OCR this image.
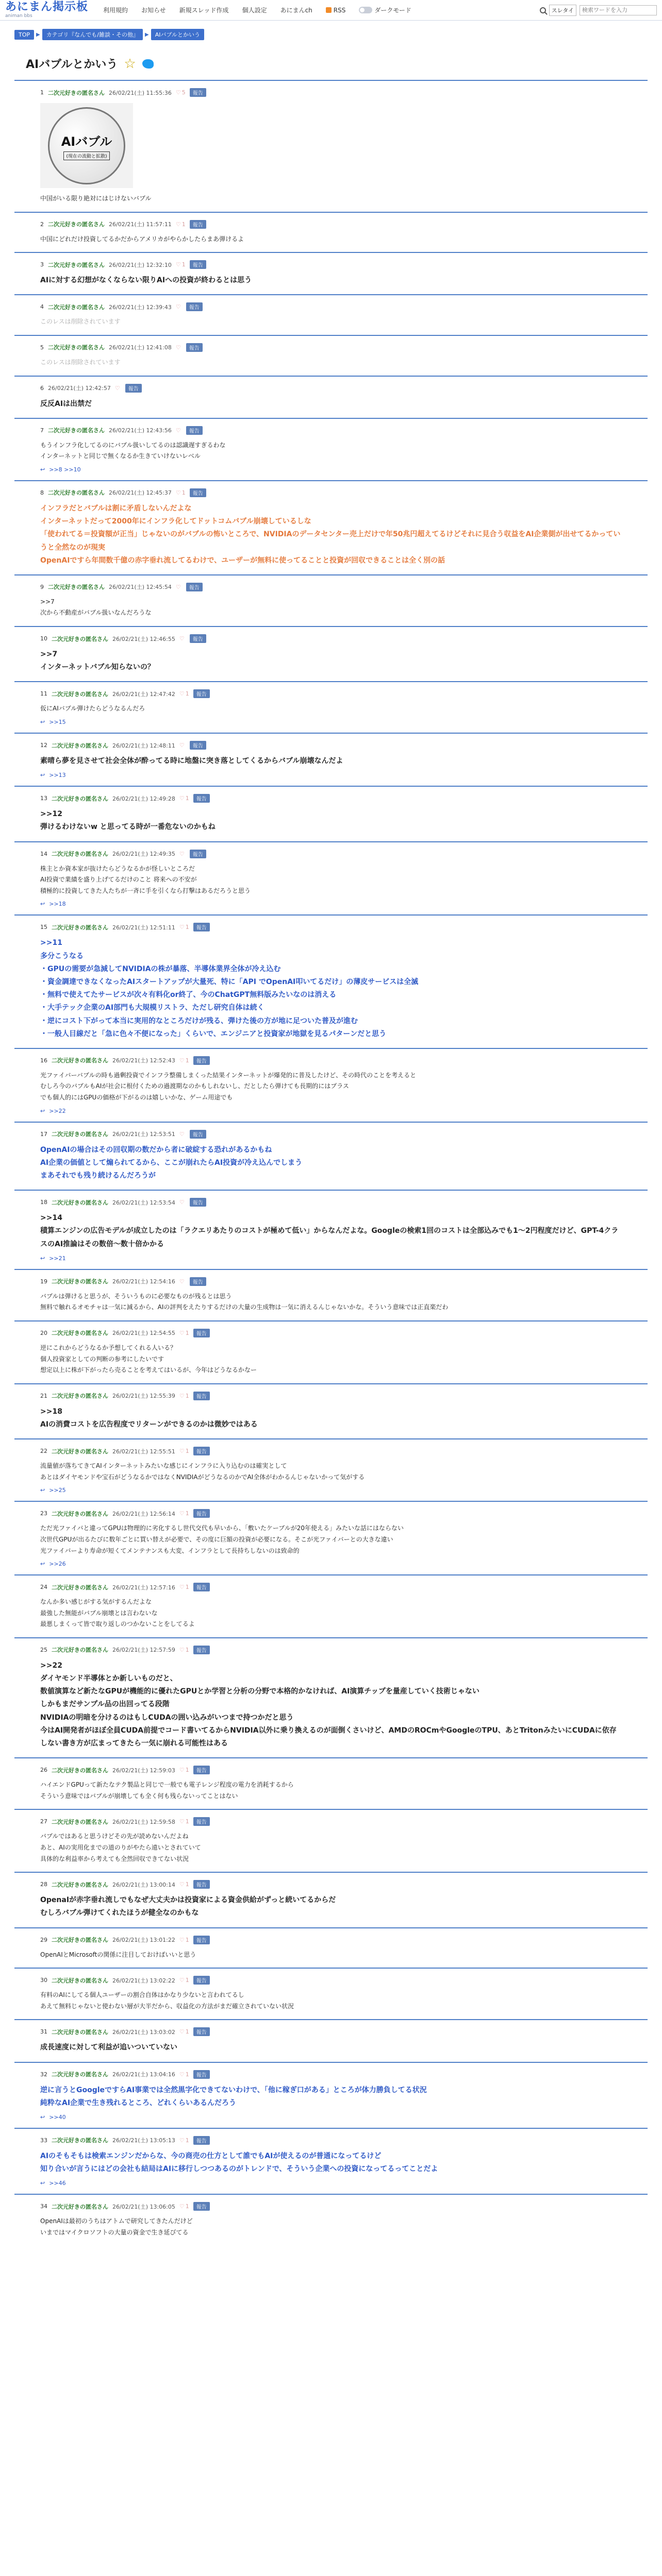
あにまん掲示板
animan bbs
利用規約	お知らせ	新規スレッド作成	個人設定	あにまんch	RSS	ダークモード	スレタイ
検索ワードを入力
TOP	▶	カテゴリ『なんでも/雑談・その他』	▶	AIバブルとかいう
AIバブルとかいう ☆
1 二次元好きの匿名さん 26/02/21(土) 11:55:36 ♡ 5	報告
AIバブル
(現在の流動と拡散)
中国がいる限り絶対にはじけないバブル
2 二次元好きの匿名さん 26/02/21(土) 11:57:11 ♡ 1	報告
中国にどれだけ投資してるかだからアメリカがやらかしたらまあ弾けるよ
3 二次元好きの匿名さん 26/02/21(土) 12:32:10 ♡ 1	報告
AIに対する幻想がなくならない限りAIへの投資が終わるとは思う
4 二次元好きの匿名さん 26/02/21(土) 12:39:43 ♡	報告
このレスは削除されています
5 二次元好きの匿名さん 26/02/21(土) 12:41:08 ♡	報告
このレスは削除されています
6 26/02/21(土) 12:42:57 ♡	報告
反反AIは出禁だ
7 二次元好きの匿名さん 26/02/21(土) 12:43:56 ♡	報告
もうインフラ化してるのにバブル扱いしてるのは認識遅すぎるわな
インターネットと同じで無くなるか生きていけないレベル
↩ >>8 >>10
8 二次元好きの匿名さん 26/02/21(土) 12:45:37 ♡ 1	報告
インフラだとバブルは割に矛盾しないんだよな
インターネットだって2000年にインフラ化してドットコムバブル崩壊しているしな
「使われてる＝投資額が正当」じゃないのがバブルの怖いところで、NVIDIAのデータセンター売上だけで年50兆円超えてるけどそれに見合う収益をAI企業側が出せてるかっていうと全然なのが現実
OpenAIですら年間数千億の赤字垂れ流してるわけで、ユーザーが無料に使ってることと投資が回収できることは全く別の話
9 二次元好きの匿名さん 26/02/21(土) 12:45:54 ♡	報告
>>7
次から不動産がバブル扱いなんだろうな
10 二次元好きの匿名さん 26/02/21(土) 12:46:55 ♡	報告
>>7
インターネットバブル知らないの？
11 二次元好きの匿名さん 26/02/21(土) 12:47:42 ♡ 1	報告
仮にAIバブル弾けたらどうなるんだろ
↩ >>15
12 二次元好きの匿名さん 26/02/21(土) 12:48:11 ♡	報告
素晴ら夢を見させて社会全体が酔ってる時に地盤に突き落としてくるからバブル崩壊なんだよ
↩ >>13
13 二次元好きの匿名さん 26/02/21(土) 12:49:28 ♡ 1	報告
>>12
弾けるわけないw と思ってる時が一番危ないのかもね
14 二次元好きの匿名さん 26/02/21(土) 12:49:35 ♡	報告
株主とか資本家が抜けたらどうなるかが怪しいところだ
AI投資で業績を盛り上げてるだけのこと 将来への不安が
積極的に投資してきた人たちが一斉に手を引くなら打撃はあるだろうと思う
↩ >>18
15 二次元好きの匿名さん 26/02/21(土) 12:51:11 ♡ 1	報告
>>11
多分こうなる
・GPUの需要が急減してNVIDIAの株が暴落、半導体業界全体が冷え込む
・資金調達できなくなったAIスタートアップが大量死、特に「API でOpenAI叩いてるだけ」の薄皮サービスは全滅
・無料で使えてたサービスが次々有料化or終了、今のChatGPT無料版みたいなのは消える
・大手テック企業のAI部門も大規模リストラ、ただし研究自体は続く
・逆にコスト下がって本当に実用的なところだけが残る、弾けた後の方が地に足ついた普及が進む
・一般人目線だと「急に色々不便になった」くらいで、エンジニアと投資家が地獄を見るパターンだと思う
16 二次元好きの匿名さん 26/02/21(土) 12:52:43 ♡ 1	報告
光ファイバーバブルの時も過剰投資でインフラ整備しまくった結果インターネットが爆発的に普及したけど、その時代のことを考えると
むしろ今のバブルもAIが社会に根付くための過渡期なのかもしれないし、だとしたら弾けても長期的にはプラス
でも個人的にはGPUの価格が下がるのは嬉しいかな、ゲーム用途でも
↩ >>22
17 二次元好きの匿名さん 26/02/21(土) 12:53:51 ♡	報告
OpenAIの場合はその回収期の数だから者に破綻する恐れがあるかもね
AI企業の価値として煽られてるから、ここが崩れたらAI投資が冷え込んでしまう
まあそれでも残り続けるんだろうが
18 二次元好きの匿名さん 26/02/21(土) 12:53:54 ♡	報告
>>14
積算エンジンの広告モデルが成立したのは「ラクエリあたりのコストが極めて低い」からなんだよな。Googleの検索1回のコストは全部込みでも1〜2円程度だけど、GPT-4クラスのAI推論はその数倍〜数十倍かかる
↩ >>21
19 二次元好きの匿名さん 26/02/21(土) 12:54:16 ♡	報告
バブルは弾けると思うが、そういうものに必要なものが残るとは思う
無料で触れるオモチャは一気に減るから、AIの評判をえたりするだけの大量の生成物は一気に消えるんじゃないかな。そういう意味では正直楽だわ
20 二次元好きの匿名さん 26/02/21(土) 12:54:55 ♡ 1	報告
逆にこれからどうなるか予想してくれる人いる？
個人投資家としての判断の参考にしたいです
想定以上に株が下がったら売ることを考えてはいるが、今年はどうなるかなー
21 二次元好きの匿名さん 26/02/21(土) 12:55:39 ♡ 1	報告
>>18
AIの消費コストを広告程度でリターンができるのかは微妙ではある
22 二次元好きの匿名さん 26/02/21(土) 12:55:51 ♡ 1	報告
流量値が落ちてきてAIインターネットみたいな感じにインフラに入り込むのは確実として
あとはダイヤモンドや宝石がどうなるかではなくNVIDIAがどうなるのかでAI全体がわかるんじゃないかって気がする
↩ >>25
23 二次元好きの匿名さん 26/02/21(土) 12:56:14 ♡ 1	報告
ただ光ファイバと違ってGPUは物理的に劣化するし世代交代も早いから、「敷いたケーブルが20年使える」みたいな話にはならない
次世代GPUが出るたびに数年ごとに買い替えが必要で、その度に巨額の投資が必要になる。そこが光ファイバーとの大きな違い
光ファイバーより寿命が短くてメンテナンスも大変、インフラとして長持ちしないのは致命的
↩ >>26
24 二次元好きの匿名さん 26/02/21(土) 12:57:16 ♡ 1	報告
なんか多い感じがする気がするんだよな
最強した無能がバブル崩壊とは言わないな
最悪しまくって皆で取り返しのつかないことをしてるよ
25 二次元好きの匿名さん 26/02/21(土) 12:57:59 ♡ 1	報告
>>22
ダイヤモンド半導体とか新しいものだと、
数値演算など新たなGPUが機能的に優れたGPUとか学習と分析の分野で本格的かなければ、AI演算チップを量産していく技術じゃない
しかもまだサンプル品の出回ってる段階
NVIDIAの明暗を分けるのはもしCUDAの囲い込みがいつまで持つかだと思う
今はAI開発者がほぼ全員CUDA前提でコード書いてるからNVIDIA以外に乗り換えるのが面倒くさいけど、AMDのROCmやGoogleのTPU、あとTritonみたいにCUDAに依存しない書き方が広まってきたら一気に崩れる可能性はある
26 二次元好きの匿名さん 26/02/21(土) 12:59:03 ♡ 1	報告
ハイエンドGPUって新たなテク製品と同じで一般でも電子レンジ程度の電力を消耗するから
そういう意味ではバブルが崩壊しても全く何も残らないってことはない
27 二次元好きの匿名さん 26/02/21(土) 12:59:58 ♡ 1	報告
バブルではあると思うけどその先が読めないんだよね
あと、AIの実用化までの道のりがやたら遠いとされていて
具体的な利益率から考えても全然回収できてない状況
28 二次元好きの匿名さん 26/02/21(土) 13:00:14 ♡ 1	報告
OpenaIが赤字垂れ流しでもなぜ大丈夫かは投資家による資金供給がずっと続いてるからだ
むしろバブル弾けてくれたほうが健全なのかもな
29 二次元好きの匿名さん 26/02/21(土) 13:01:22 ♡ 1	報告
OpenAIとMicrosoftの関係に注目しておけばいいと思う
30 二次元好きの匿名さん 26/02/21(土) 13:02:22 ♡ 1	報告
有料のAIにしてる個人ユーザーの割合自体はかなり少ないと言われてるし
あえて無料じゃないと使わない層が大半だから、収益化の方法がまだ確立されていない状況
31 二次元好きの匿名さん 26/02/21(土) 13:03:02 ♡ 1	報告
成長速度に対して利益が追いついていない
32 二次元好きの匿名さん 26/02/21(土) 13:04:16 ♡ 1	報告
逆に言うとGoogleですらAI事業では全然黒字化できてないわけで、「他に稼ぎ口がある」ところが体力勝負してる状況
純粋なAI企業で生き残れるところ、どれくらいあるんだろう
↩ >>40
33 二次元好きの匿名さん 26/02/21(土) 13:05:13 ♡ 1	報告
AIのそもそもは検索エンジンだからな、今の商売の仕方として誰でもAIが使えるのが普通になってるけど
知り合いが言うにはどの会社も結局はAIに移行しつつあるのがトレンドで、そういう企業への投資になってるってことだよ
↩ >>46
34 二次元好きの匿名さん 26/02/21(土) 13:06:05 ♡ 1	報告
OpenAIは最初のうちはアトムで研究してきたんだけど
いまではマイクロソフトの大量の資金で生き延びてる
